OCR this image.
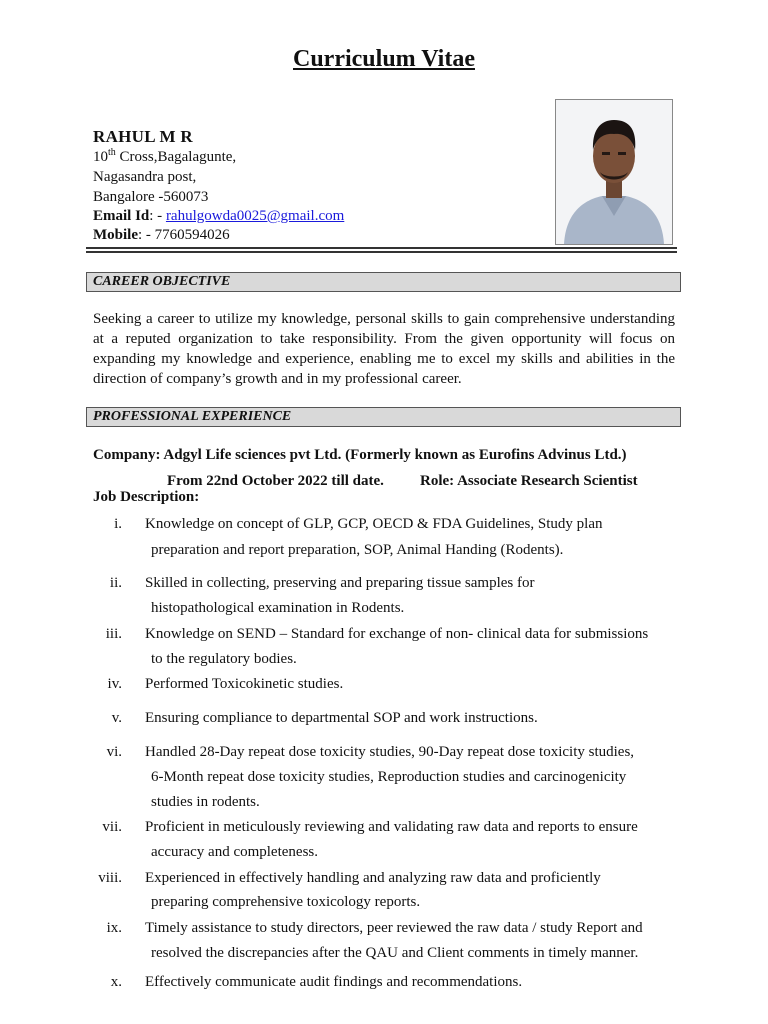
Curriculum Vitae
RAHUL M R
10th Cross,Bagalagunte,
Nagasandra post,
Bangalore -560073
Email Id: - rahulgowda0025@gmail.com
Mobile: - 7760594026
CAREER OBJECTIVE
Seeking a career to utilize my knowledge, personal skills to gain comprehensive understanding at a reputed organization to take responsibility. From the given opportunity will focus on expanding my knowledge and experience, enabling me to excel my skills and abilities in the direction of company’s growth and in my professional career.
PROFESSIONAL EXPERIENCE
Company: Adgyl Life sciences pvt Ltd. (Formerly known as Eurofins Advinus Ltd.)
From 22nd October 2022 till date. Role: Associate Research Scientist
Job Description:
i. Knowledge on concept of GLP, GCP, OECD & FDA Guidelines, Study plan
preparation and report preparation, SOP, Animal Handing (Rodents).
ii. Skilled in collecting, preserving and preparing tissue samples for
histopathological examination in Rodents.
iii. Knowledge on SEND – Standard for exchange of non- clinical data for submissions
to the regulatory bodies.
iv. Performed Toxicokinetic studies.
v. Ensuring compliance to departmental SOP and work instructions.
vi. Handled 28-Day repeat dose toxicity studies, 90-Day repeat dose toxicity studies,
6-Month repeat dose toxicity studies, Reproduction studies and carcinogenicity
studies in rodents.
vii. Proficient in meticulously reviewing and validating raw data and reports to ensure
accuracy and completeness.
viii. Experienced in effectively handling and analyzing raw data and proficiently
preparing comprehensive toxicology reports.
ix. Timely assistance to study directors, peer reviewed the raw data / study Report and
resolved the discrepancies after the QAU and Client comments in timely manner.
x. Effectively communicate audit findings and recommendations.
